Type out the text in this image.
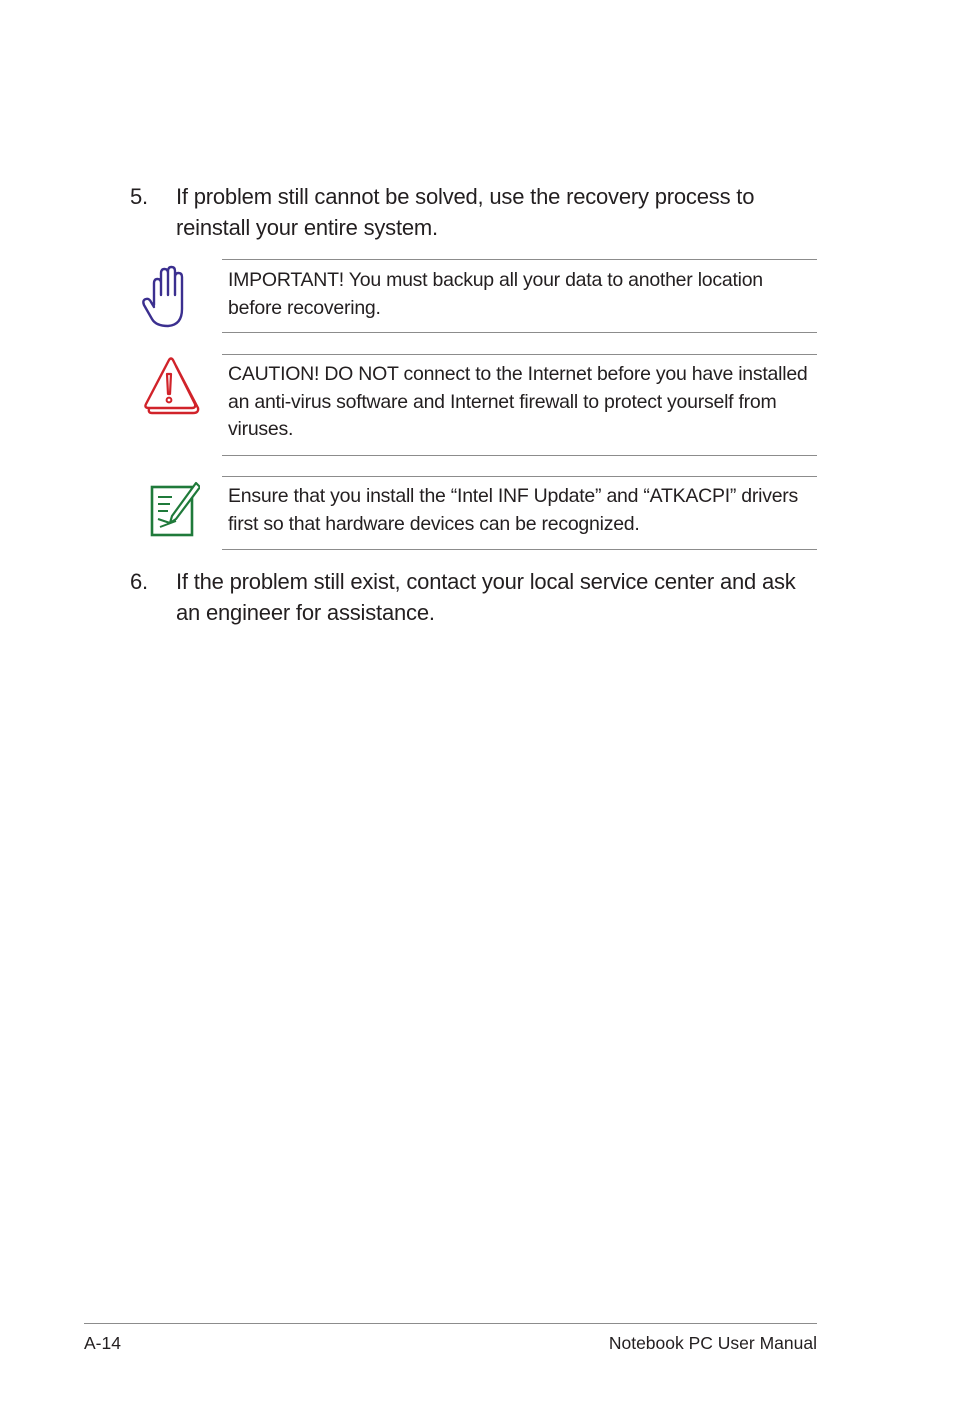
5. If problem still cannot be solved, use the recovery process to reinstall your entire system.

IMPORTANT! You must backup all your data to another location before recovering.

CAUTION! DO NOT connect to the Internet before you have installed an anti-virus software and Internet firewall to protect yourself from viruses.

Ensure that you install the “Intel INF Update” and “ATKACPI” drivers first so that hardware devices can be recognized.

6. If the problem still exist, contact your local service center and ask an engineer for assistance.
A-14	Notebook PC User Manual
